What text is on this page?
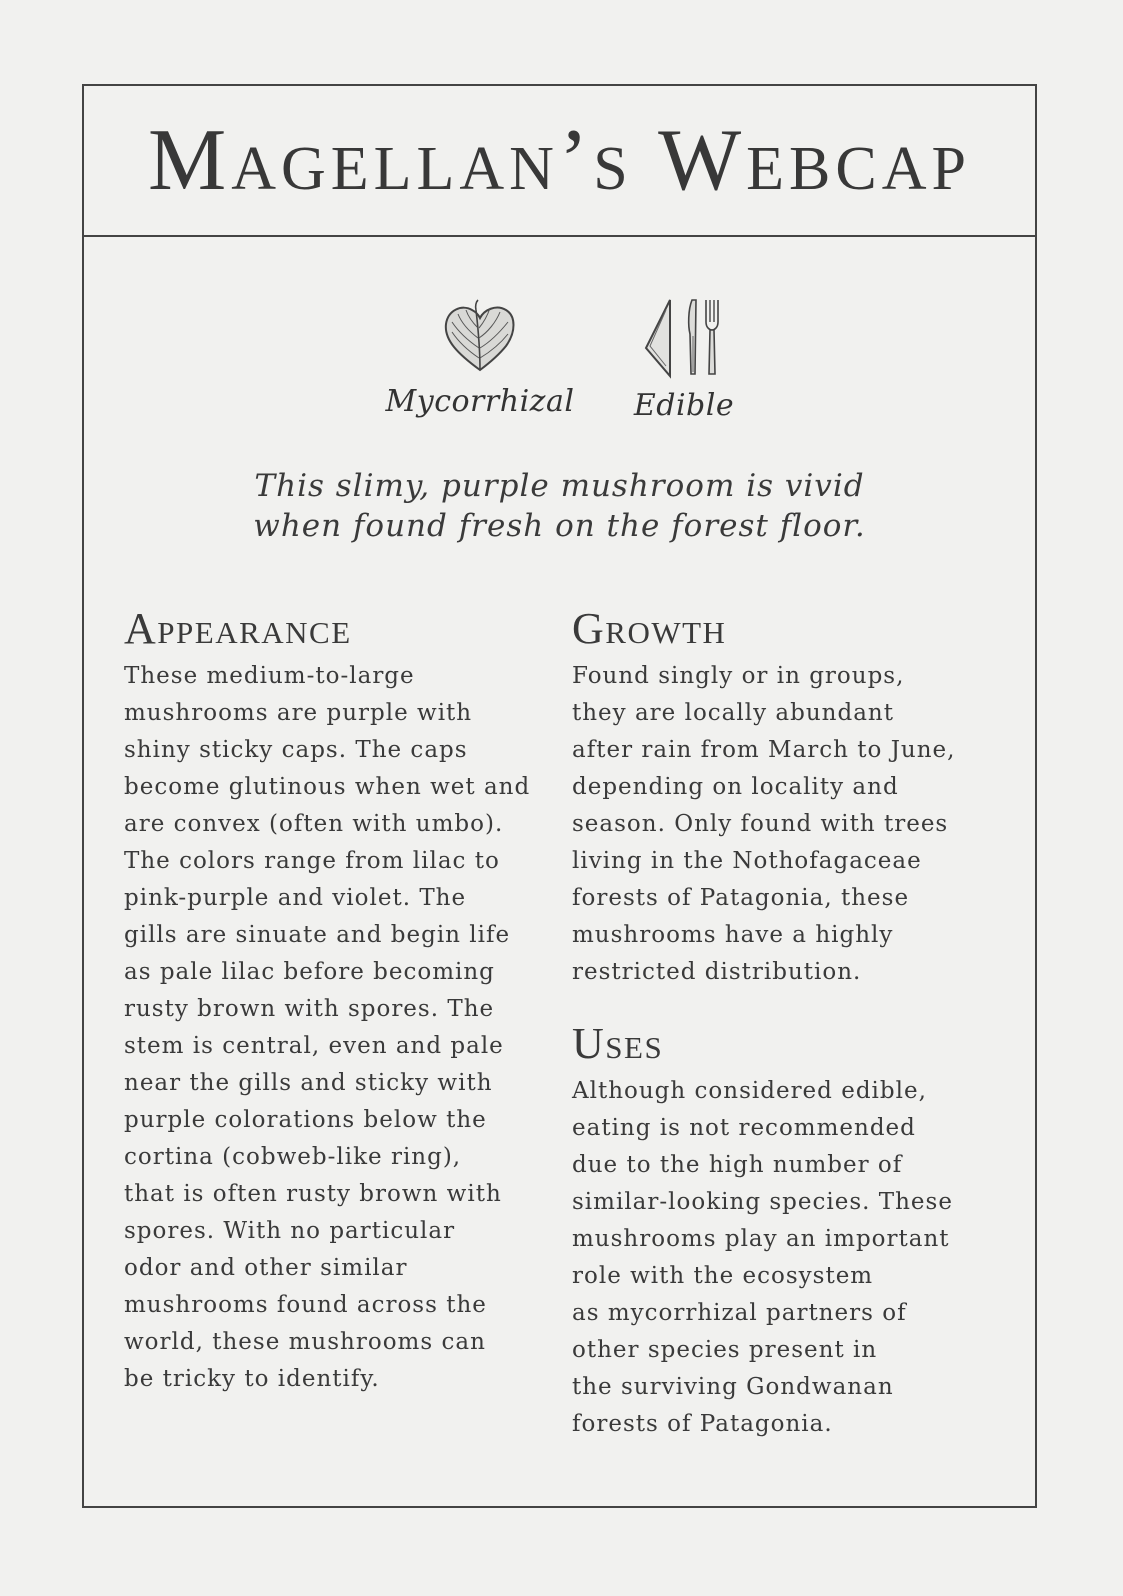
Magellan’s Webcap
Mycorrhizal	Edible

This slimy, purple mushroom is vivid
when found fresh on the forest floor.

Appearance

These medium-to-large
mushrooms are purple with
shiny sticky caps. The caps
become glutinous when wet and
are convex (often with umbo).
The colors range from lilac to
pink-purple and violet. The
gills are sinuate and begin life
as pale lilac before becoming
rusty brown with spores. The
stem is central, even and pale
near the gills and sticky with
purple colorations below the
cortina (cobweb-like ring),
that is often rusty brown with
spores. With no particular
odor and other similar
mushrooms found across the
world, these mushrooms can
be tricky to identify.

Growth

Found singly or in groups,
they are locally abundant
after rain from March to June,
depending on locality and
season. Only found with trees
living in the Nothofagaceae
forests of Patagonia, these
mushrooms have a highly
restricted distribution.

Uses

Although considered edible,
eating is not recommended
due to the high number of
similar-looking species. These
mushrooms play an important
role with the ecosystem
as mycorrhizal partners of
other species present in
the surviving Gondwanan
forests of Patagonia.
